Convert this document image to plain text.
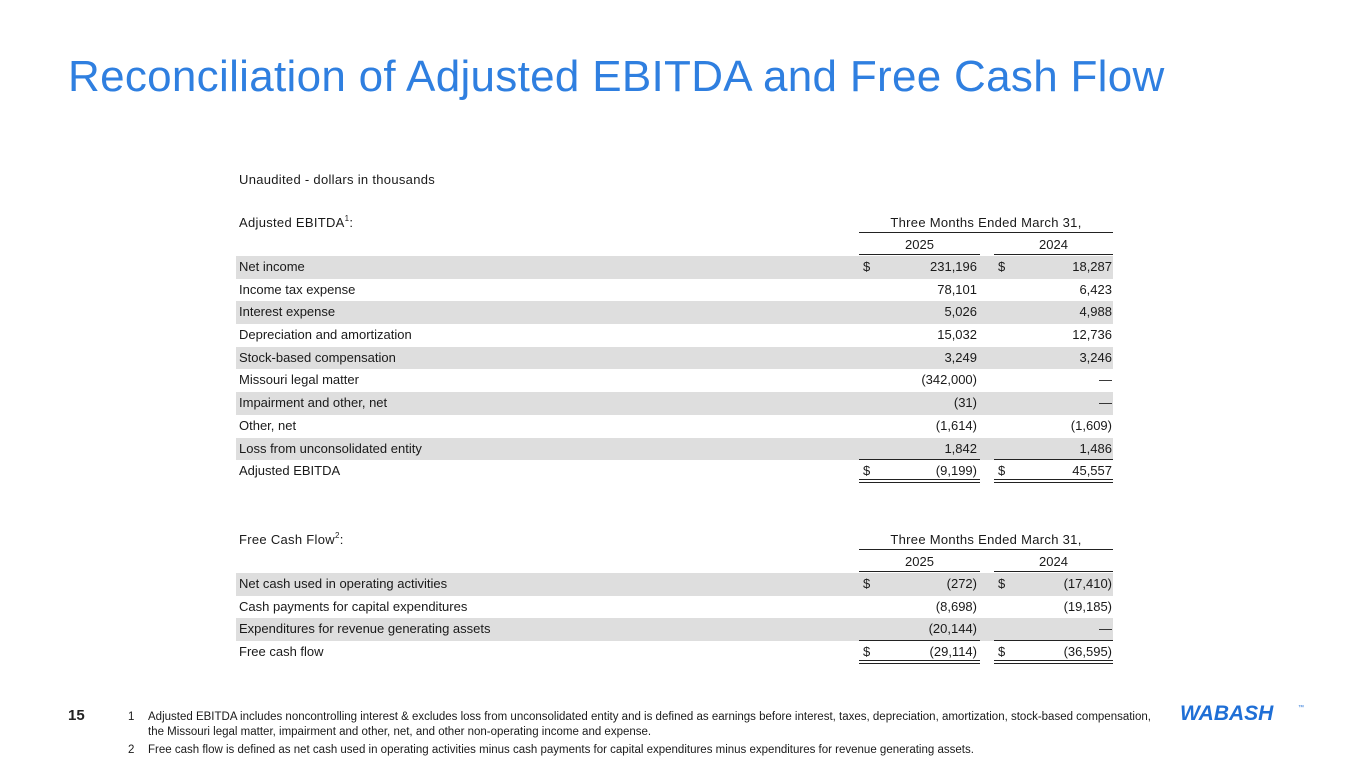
Reconciliation of Adjusted EBITDA and Free Cash Flow
Unaudited - dollars in thousands
Adjusted EBITDA$^1$:	Three Months Ended March 31,
2025	2024
Net income	$	231,196 $	18,287
Income tax expense	78,101	6,423
Interest expense	5,026	4,988
Depreciation and amortization	15,032	12,736
Stock-based compensation	3,249	3,246
Missouri legal matter	(342,000)	—
Impairment and other, net	(31)	—
Other, net	(1,614)	(1,609)
Loss from unconsolidated entity	1,842	1,486
Adjusted EBITDA	$	(9,199) $	45,557
Free Cash Flow$^2$:	Three Months Ended March 31,
2025	2024
Net cash used in operating activities	$	(272) $	(17,410)
Cash payments for capital expenditures	(8,698)	(19,185)
Expenditures for revenue generating assets	(20,144)	—
Free cash flow	$	(29,114) $	(36,595)
15	1 Adjusted EBITDA includes noncontrolling interest & excludes loss from unconsolidated entity and is defined as earnings before interest, taxes, depreciation, amortization, stock-based compensation, the Missouri legal matter, impairment and other, net, and other non-operating income and expense.
2 Free cash flow is defined as net cash used in operating activities minus cash payments for capital expenditures minus expenditures for revenue generating assets.
WABASH	™
